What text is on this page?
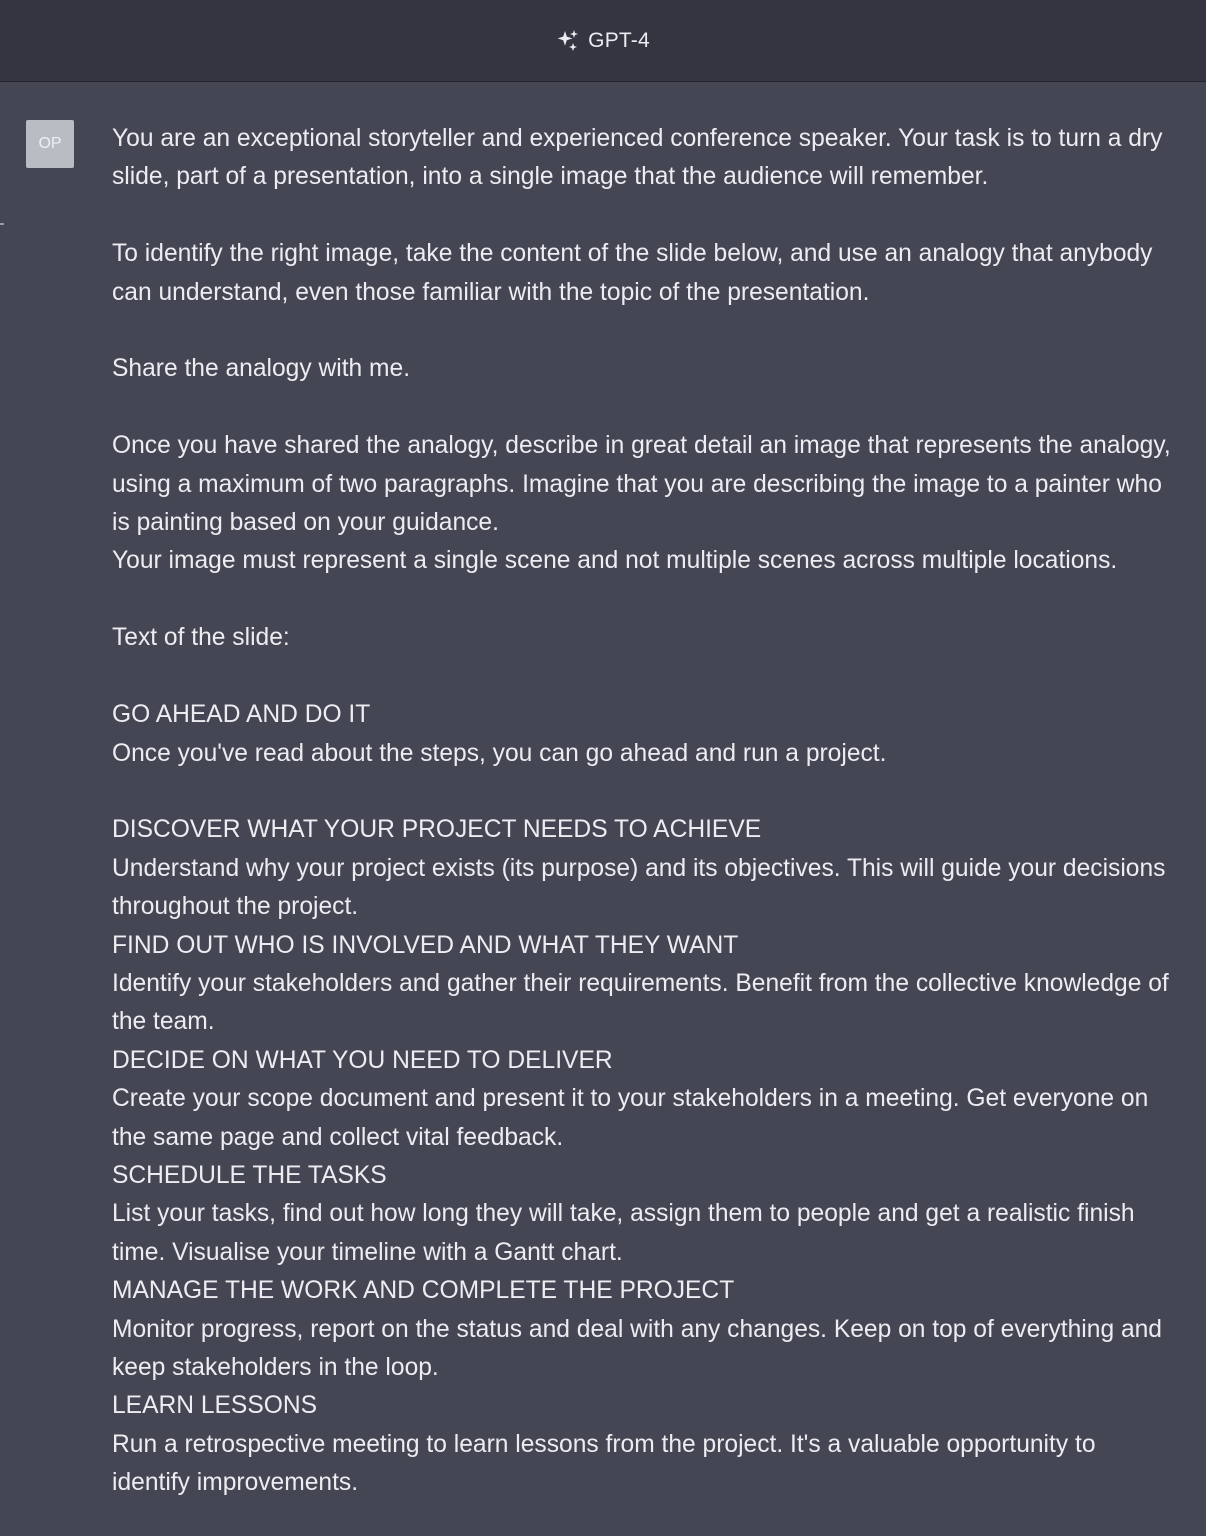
GPT-4
OP You are an exceptional storyteller and experienced conference speaker. Your task is to turn a dry slide, part of a presentation, into a single image that the audience will remember.

To identify the right image, take the content of the slide below, and use an analogy that anybody can understand, even those familiar with the topic of the presentation.

Share the analogy with me.

Once you have shared the analogy, describe in great detail an image that represents the analogy, using a maximum of two paragraphs. Imagine that you are describing the image to a painter who is painting based on your guidance.
Your image must represent a single scene and not multiple scenes across multiple locations.

Text of the slide:

GO AHEAD AND DO IT
Once you've read about the steps, you can go ahead and run a project.

DISCOVER WHAT YOUR PROJECT NEEDS TO ACHIEVE
Understand why your project exists (its purpose) and its objectives. This will guide your decisions throughout the project.
FIND OUT WHO IS INVOLVED AND WHAT THEY WANT
Identify your stakeholders and gather their requirements. Benefit from the collective knowledge of the team.
DECIDE ON WHAT YOU NEED TO DELIVER
Create your scope document and present it to your stakeholders in a meeting. Get everyone on the same page and collect vital feedback.
SCHEDULE THE TASKS
List your tasks, find out how long they will take, assign them to people and get a realistic finish time. Visualise your timeline with a Gantt chart.
MANAGE THE WORK AND COMPLETE THE PROJECT
Monitor progress, report on the status and deal with any changes. Keep on top of everything and keep stakeholders in the loop.
LEARN LESSONS
Run a retrospective meeting to learn lessons from the project. It's a valuable opportunity to identify improvements.
